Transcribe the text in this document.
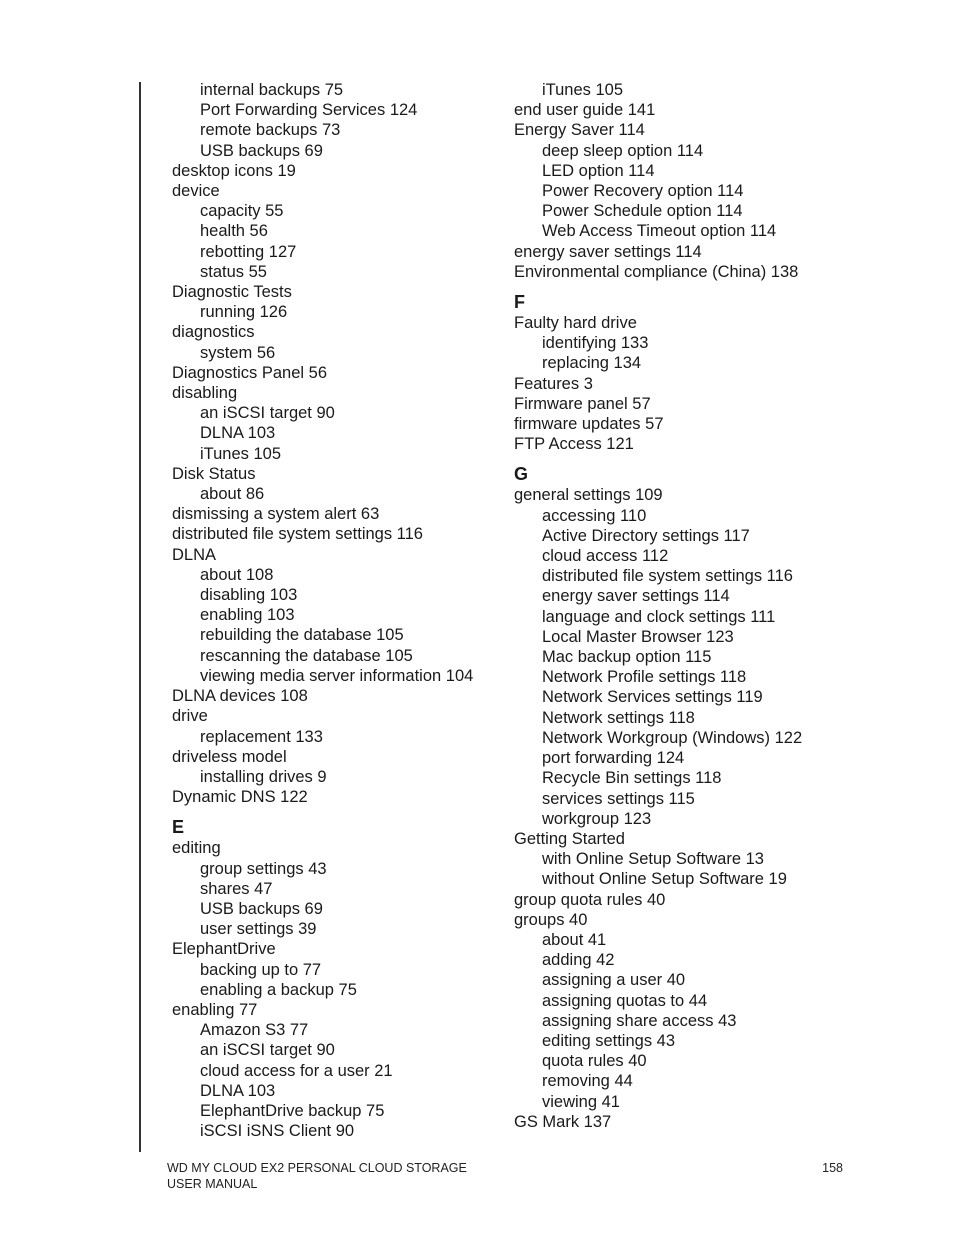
internal backups 75
Port Forwarding Services 124
remote backups 73
USB backups 69
desktop icons 19
device
capacity 55
health 56
rebotting 127
status 55
Diagnostic Tests
running 126
diagnostics
system 56
Diagnostics Panel 56
disabling
an iSCSI target 90
DLNA 103
iTunes 105
Disk Status
about 86
dismissing a system alert 63
distributed file system settings 116
DLNA
about 108
disabling 103
enabling 103
rebuilding the database 105
rescanning the database 105
viewing media server information 104
DLNA devices 108
drive
replacement 133
driveless model
installing drives 9
Dynamic DNS 122
E
editing
group settings 43
shares 47
USB backups 69
user settings 39
ElephantDrive
backing up to 77
enabling a backup 75
enabling 77
Amazon S3 77
an iSCSI target 90
cloud access for a user 21
DLNA 103
ElephantDrive backup 75
iSCSI iSNS Client 90
iTunes 105
end user guide 141
Energy Saver 114
deep sleep option 114
LED option 114
Power Recovery option 114
Power Schedule option 114
Web Access Timeout option 114
energy saver settings 114
Environmental compliance (China) 138
F
Faulty hard drive
identifying 133
replacing 134
Features 3
Firmware panel 57
firmware updates 57
FTP Access 121
G
general settings 109
accessing 110
Active Directory settings 117
cloud access 112
distributed file system settings 116
energy saver settings 114
language and clock settings 111
Local Master Browser 123
Mac backup option 115
Network Profile settings 118
Network Services settings 119
Network settings 118
Network Workgroup (Windows) 122
port forwarding 124
Recycle Bin settings 118
services settings 115
workgroup 123
Getting Started
with Online Setup Software 13
without Online Setup Software 19
group quota rules 40
groups 40
about 41
adding 42
assigning a user 40
assigning quotas to 44
assigning share access 43
editing settings 43
quota rules 40
removing 44
viewing 41
GS Mark 137
WD MY CLOUD EX2 PERSONAL CLOUD STORAGE
USER MANUAL
158
